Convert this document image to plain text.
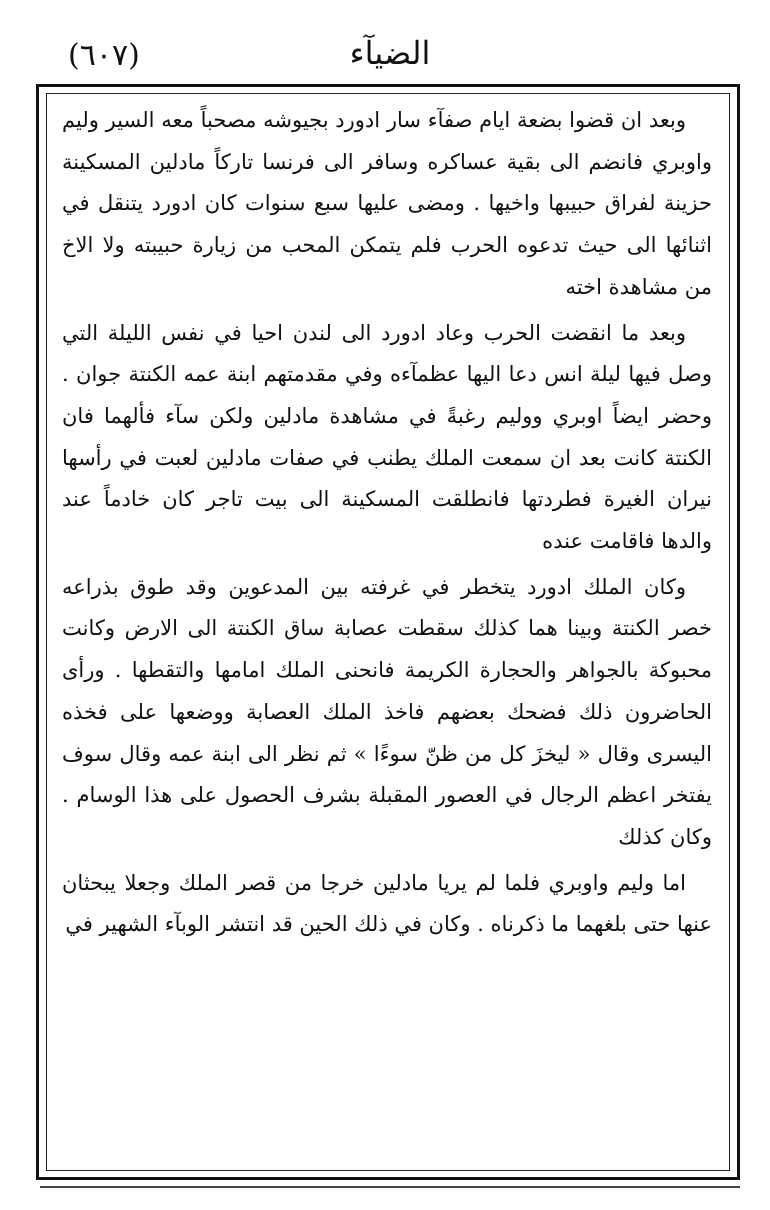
(٦٠٧)	الضيآء

وبعد ان قضوا بضعة ايام صفآء سار ادورد بجيوشه مصحباً معه السير وليم واوبري فانضم الى بقية عساكره وسافر الى فرنسا تاركاً مادلين المسكينة حزينة لفراق حبيبها واخيها . ومضى عليها سبع سنوات كان ادورد يتنقل في اثنائها الى حيث تدعوه الحرب فلم يتمكن المحب من زيارة حبيبته ولا الاخ من مشاهدة اخته

وبعد ما انقضت الحرب وعاد ادورد الى لندن احيا في نفس الليلة التي وصل فيها ليلة انس دعا اليها عظمآءه وفي مقدمتهم ابنة عمه الكنتة جوان . وحضر ايضاً اوبري ووليم رغبةً في مشاهدة مادلين ولكن سآء فألهما فان الكنتة كانت بعد ان سمعت الملك يطنب في صفات مادلين لعبت في رأسها نيران الغيرة فطردتها فانطلقت المسكينة الى بيت تاجر كان خادماً عند والدها فاقامت عنده

وكان الملك ادورد يتخطر في غرفته بين المدعوين وقد طوق بذراعه خصر الكنتة وبينا هما كذلك سقطت عصابة ساق الكنتة الى الارض وكانت محبوكة بالجواهر والحجارة الكريمة فانحنى الملك امامها والتقطها . ورأى الحاضرون ذلك فضحك بعضهم فاخذ الملك العصابة ووضعها على فخذه اليسرى وقال « ليخزَ كل من ظنّ سوءًا » ثم نظر الى ابنة عمه وقال سوف يفتخر اعظم الرجال في العصور المقبلة بشرف الحصول على هذا الوسام . وكان كذلك

اما وليم واوبري فلما لم يريا مادلين خرجا من قصر الملك وجعلا يبحثان عنها حتى بلغهما ما ذكرناه . وكان في ذلك الحين قد انتشر الوبآء الشهير في
